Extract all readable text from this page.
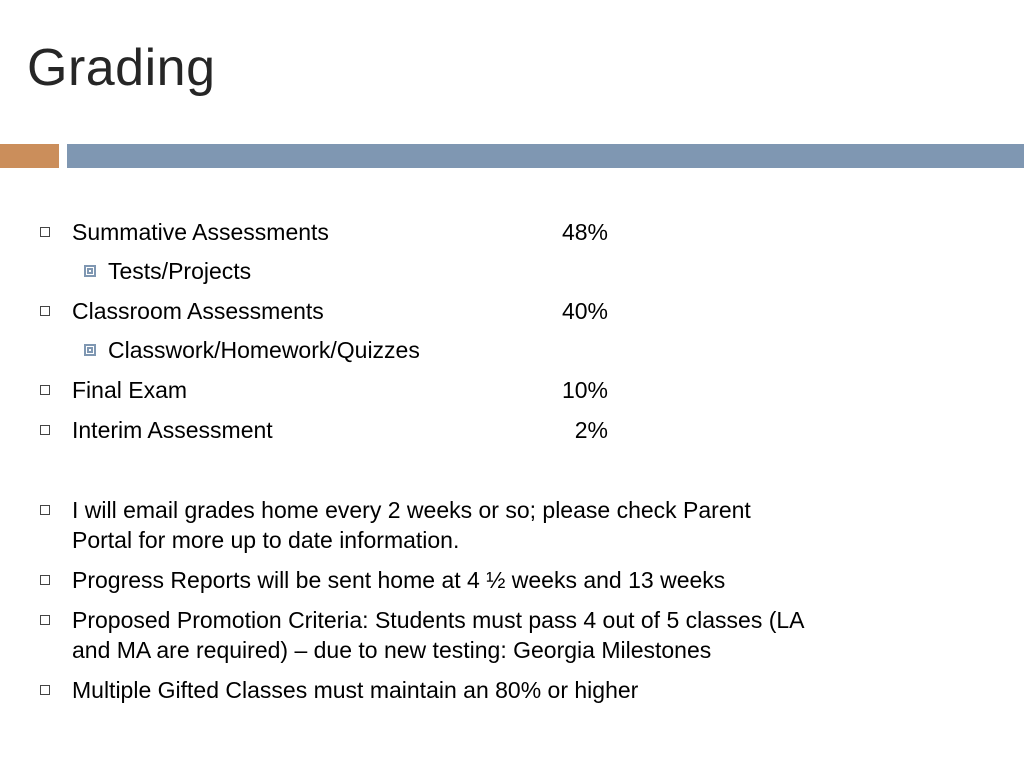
Grading
Summative Assessments	48%
Tests/Projects
Classroom Assessments	40%
Classwork/Homework/Quizzes
Final Exam	10%
Interim Assessment	2%
I will email grades home every 2 weeks or so; please check Parent
Portal for more up to date information.
Progress Reports will be sent home at 4 ½ weeks and 13 weeks
Proposed Promotion Criteria: Students must pass 4 out of 5 classes (LA
and MA are required) – due to new testing: Georgia Milestones
Multiple Gifted Classes must maintain an 80% or higher
